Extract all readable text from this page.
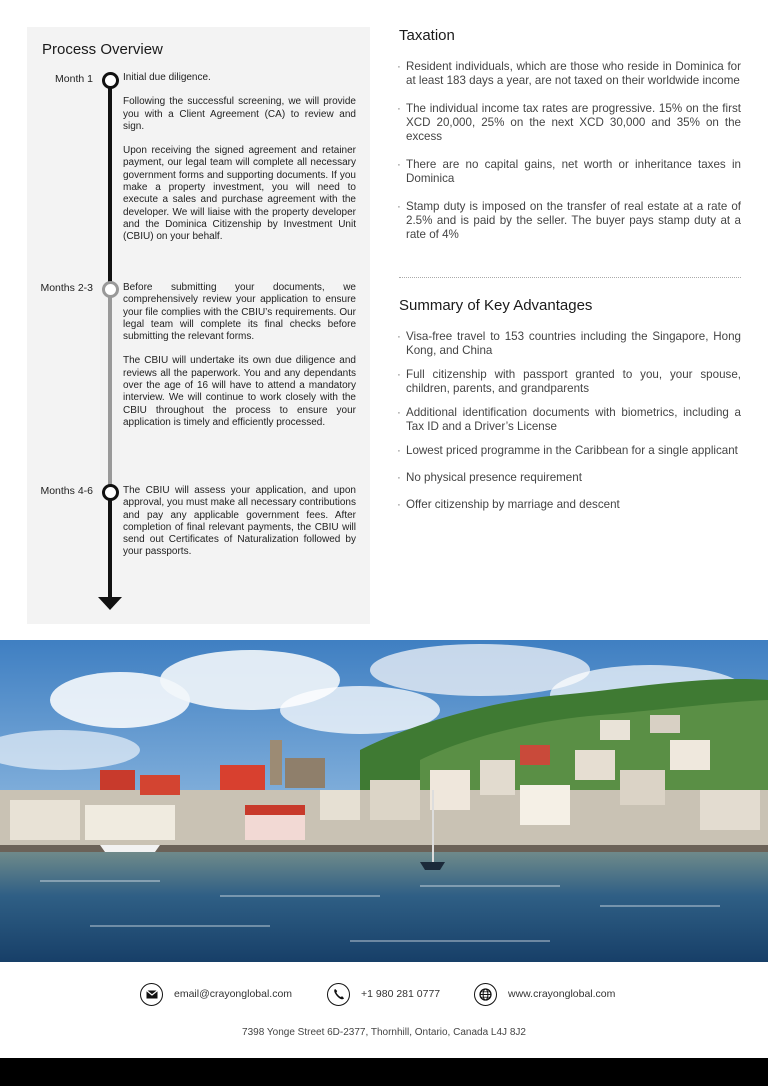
Process Overview
Month 1
Months 2-3
Months 4-6

Initial due diligence.

Following the successful screening, we will provide you with a Client Agreement (CA) to review and sign.

Upon receiving the signed agreement and retainer payment, our legal team will complete all necessary government forms and supporting documents. If you make a property investment, you will need to execute a sales and purchase agreement with the developer. We will liaise with the property developer and the Dominica Citizenship by Investment Unit (CBIU) on your behalf.

Before submitting your documents, we comprehensively review your application to ensure your file complies with the CBIU’s requirements. Our legal team will complete its final checks before submitting the relevant forms.

The CBIU will undertake its own due diligence and reviews all the paperwork. You and any dependants over the age of 16 will have to attend a mandatory interview. We will continue to work closely with the CBIU throughout the process to ensure your application is timely and efficiently processed.

The CBIU will assess your application, and upon approval, you must make all necessary contributions and pay any applicable government fees. After completion of final relevant payments, the CBIU will send out Certificates of Naturalization followed by your passports.

Taxation
· Resident individuals, which are those who reside in Dominica for at least 183 days a year, are not taxed on their worldwide income
· The individual income tax rates are progressive. 15% on the first XCD 20,000, 25% on the next XCD 30,000 and 35% on the excess
· There are no capital gains, net worth or inheritance taxes in Dominica
· Stamp duty is imposed on the transfer of real estate at a rate of 2.5% and is paid by the seller. The buyer pays stamp duty at a rate of 4%
Summary of Key Advantages
· Visa-free travel to 153 countries including the Singapore, Hong Kong, and China
· Full citizenship with passport granted to you, your spouse, children, parents, and grandparents
· Additional identification documents with biometrics, including a Tax ID and a Driver’s License
· Lowest priced programme in the Caribbean for a single applicant
· No physical presence requirement
· Offer citizenship by marriage and descent
email@crayonglobal.com	+1 980 281 0777	www.crayonglobal.com
7398 Yonge Street 6D-2377, Thornhill, Ontario, Canada L4J 8J2
